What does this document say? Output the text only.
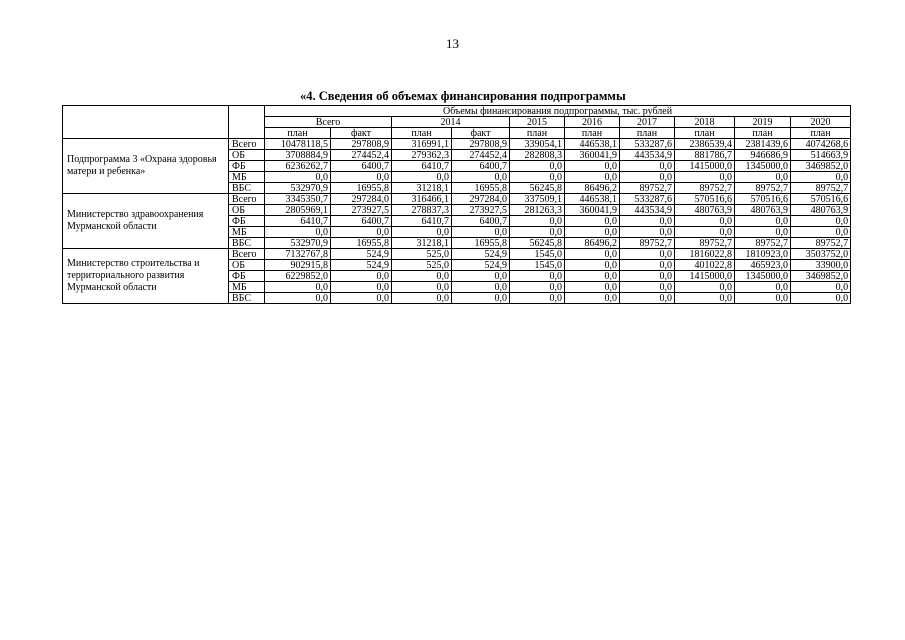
13
«4. Сведения об объемах финансирования подпрограммы
		Объемы финансирования подпрограммы, тыс. рублей									
		Всего		2014		2015	2016	2017	2018	2019	2020
		план	факт	план	факт	план	план	план	план	план	план
Подпрограмма 3 «Охрана здоровья матери и ребенка»	Всего	10478118,5	297808,9	316991,1	297808,9	339054,1	446538,1	533287,6	2386539,4	2381439,6	4074268,6
	ОБ	3708884,9	274452,4	279362,3	274452,4	282808,3	360041,9	443534,9	881786,7	946686,9	514663,9
	ФБ	6236262,7	6400,7	6410,7	6400,7	0,0	0,0	0,0	1415000,0	1345000,0	3469852,0
	МБ	0,0	0,0	0,0	0,0	0,0	0,0	0,0	0,0	0,0	0,0
	ВБС	532970,9	16955,8	31218,1	16955,8	56245,8	86496,2	89752,7	89752,7	89752,7	89752,7
Министерство здравоохранения Мурманской области	Всего	3345350,7	297284,0	316466,1	297284,0	337509,1	446538,1	533287,6	570516,6	570516,6	570516,6
	ОБ	2805969,1	273927,5	278837,3	273927,5	281263,3	360041,9	443534,9	480763,9	480763,9	480763,9
	ФБ	6410,7	6400,7	6410,7	6400,7	0,0	0,0	0,0	0,0	0,0	0,0
	МБ	0,0	0,0	0,0	0,0	0,0	0,0	0,0	0,0	0,0	0,0
	ВБС	532970,9	16955,8	31218,1	16955,8	56245,8	86496,2	89752,7	89752,7	89752,7	89752,7
Министерство строительства и территориального развития Мурманской области	Всего	7132767,8	524,9	525,0	524,9	1545,0	0,0	0,0	1816022,8	1810923,0	3503752,0
	ОБ	902915,8	524,9	525,0	524,9	1545,0	0,0	0,0	401022,8	465923,0	33900,0
	ФБ	6229852,0	0,0	0,0	0,0	0,0	0,0	0,0	1415000,0	1345000,0	3469852,0
	МБ	0,0	0,0	0,0	0,0	0,0	0,0	0,0	0,0	0,0	0,0
	ВБС	0,0	0,0	0,0	0,0	0,0	0,0	0,0	0,0	0,0	0,0
